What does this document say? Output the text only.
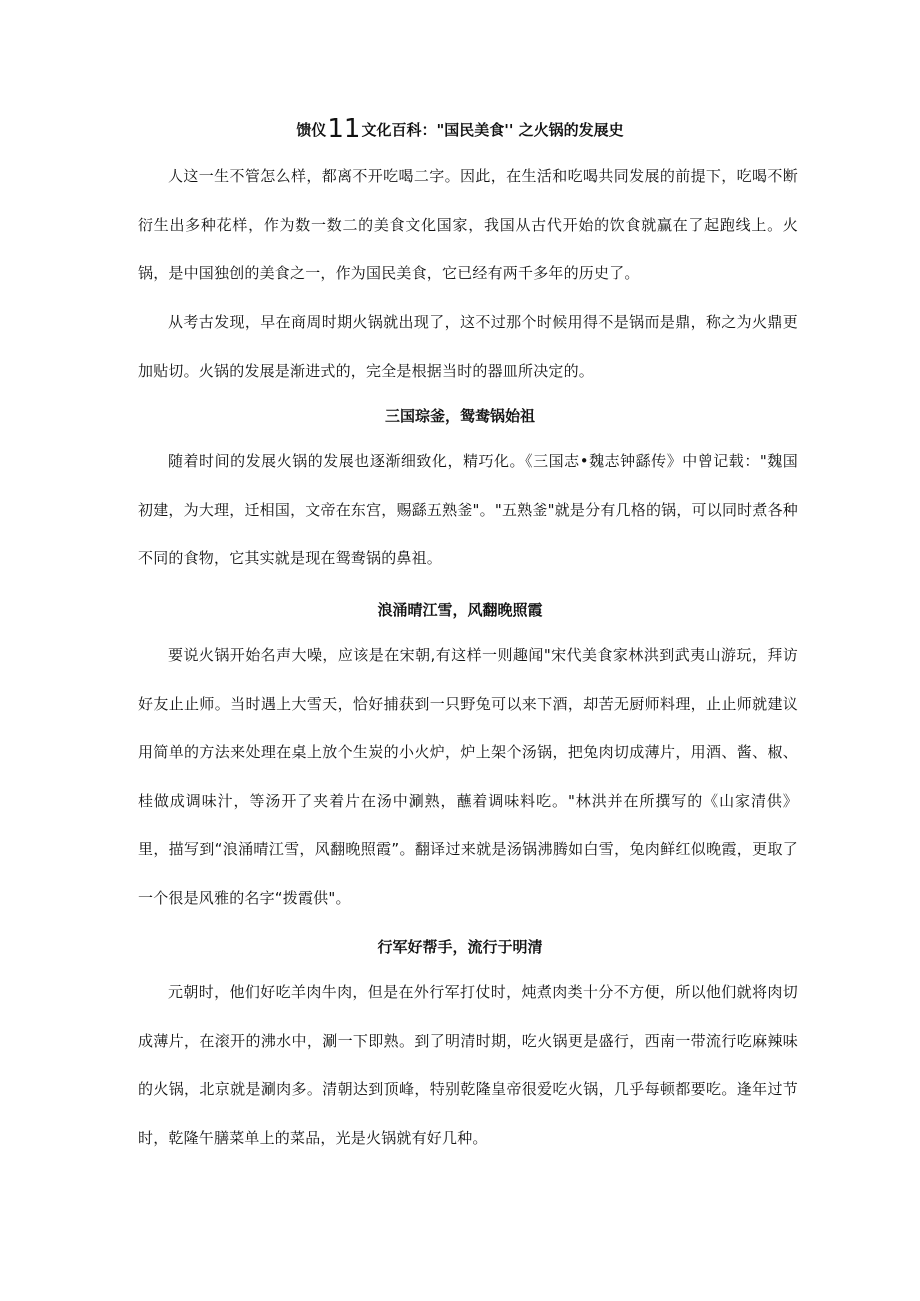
馈仪11文化百科："国民美食'' 之火锅的发展史

人这一生不管怎么样，都离不开吃喝二字。因此，在生活和吃喝共同发展的前提下，吃喝不断衍生出多种花样，作为数一数二的美食文化国家，我国从古代开始的饮食就赢在了起跑线上。火锅，是中国独创的美食之一，作为国民美食，它已经有两千多年的历史了。

从考古发现，早在商周时期火锅就出现了，这不过那个时候用得不是锅而是鼎，称之为火鼎更加贴切。火锅的发展是渐进式的，完全是根据当时的器皿所决定的。

三国琮釜，鸳鸯锅始祖

随着时间的发展火锅的发展也逐渐细致化，精巧化。《三国志•魏志钟繇传》中曾记载："魏国初建，为大理，迁相国，文帝在东宫，赐繇五熟釜"。"五熟釜"就是分有几格的锅，可以同时煮各种不同的食物，它其实就是现在鸳鸯锅的鼻祖。

浪涌晴江雪，风翻晚照霞

要说火锅开始名声大噪，应该是在宋朝,有这样一则趣闻"宋代美食家林洪到武夷山游玩，拜访好友止止师。当时遇上大雪天，恰好捕获到一只野兔可以来下酒，却苦无厨师料理，止止师就建议用简单的方法来处理在桌上放个生炭的小火炉，炉上架个汤锅，把兔肉切成薄片，用酒、酱、椒、桂做成调味汁，等汤开了夹着片在汤中涮熟，蘸着调味料吃。"林洪并在所撰写的《山家清供》里，描写到“浪涌晴江雪，风翻晚照霞”。翻译过来就是汤锅沸腾如白雪，兔肉鲜红似晚霞，更取了一个很是风雅的名字“拨霞供"。

行军好帮手，流行于明清

元朝时，他们好吃羊肉牛肉，但是在外行军打仗时，炖煮肉类十分不方便，所以他们就将肉切成薄片，在滚开的沸水中，涮一下即熟。到了明清时期，吃火锅更是盛行，西南一带流行吃麻辣味的火锅，北京就是涮肉多。清朝达到顶峰，特别乾隆皇帝很爱吃火锅，几乎每顿都要吃。逢年过节时，乾隆午膳菜单上的菜品，光是火锅就有好几种。
